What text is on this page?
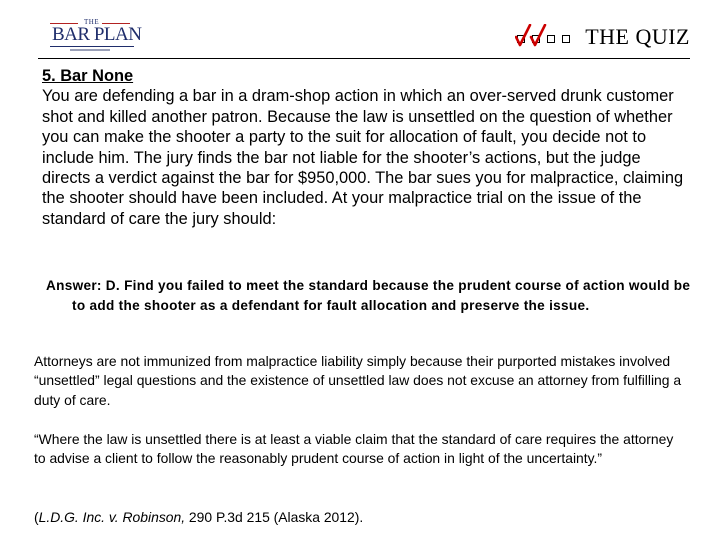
THE
BAR PLAN	THE QUIZ
5. Bar None
You are defending a bar in a dram-shop action in which an over-served drunk customer shot and killed another patron. Because the law is unsettled on the question of whether you can make the shooter a party to the suit for allocation of fault, you decide not to include him. The jury finds the bar not liable for the shooter’s actions, but the judge directs a verdict against the bar for $950,000. The bar sues you for malpractice, claiming the shooter should have been included. At your malpractice trial on the issue of the standard of care the jury should:
Answer: D. Find you failed to meet the standard because the prudent course of action would be to add the shooter as a defendant for fault allocation and preserve the issue.
Attorneys are not immunized from malpractice liability simply because their purported mistakes involved “unsettled” legal questions and the existence of unsettled law does not excuse an attorney from fulfilling a duty of care.
“Where the law is unsettled there is at least a viable claim that the standard of care requires the attorney to advise a client to follow the reasonably prudent course of action in light of the uncertainty.”
(L.D.G. Inc. v. Robinson, 290 P.3d 215 (Alaska 2012).
